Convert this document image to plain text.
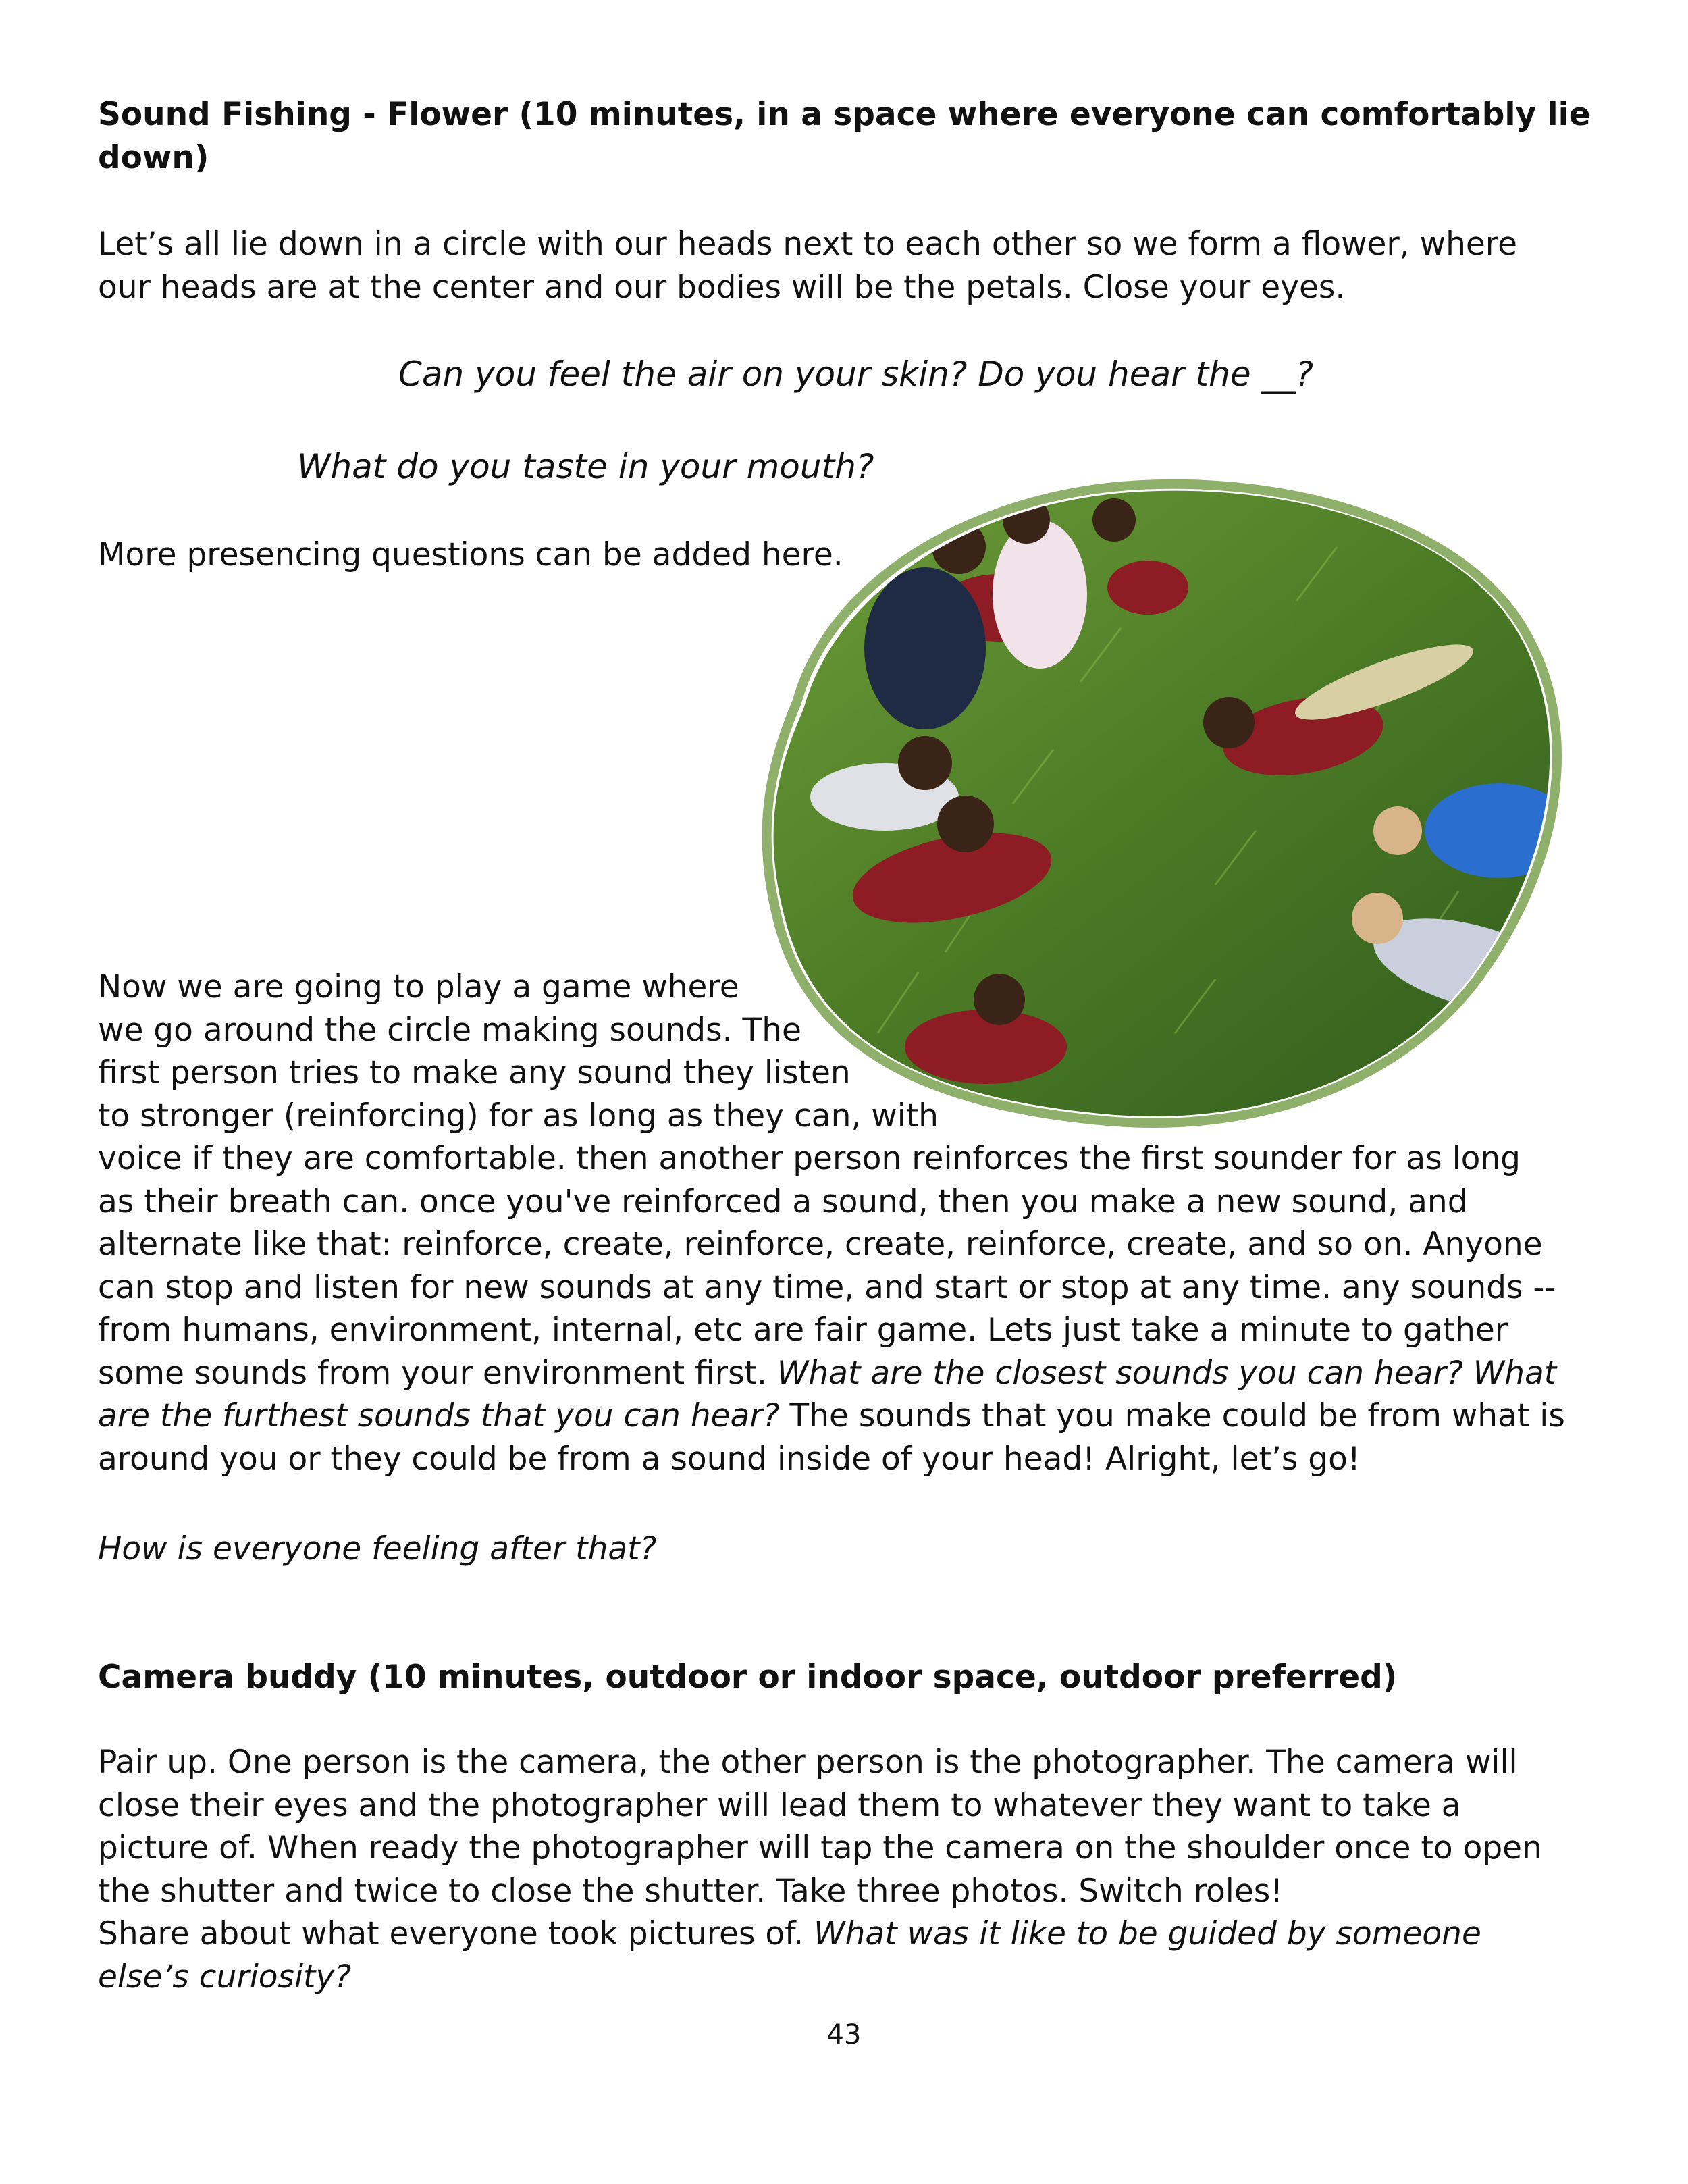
Sound Fishing - Flower (10 minutes, in a space where everyone can comfortably lie
down)
Let’s all lie down in a circle with our heads next to each other so we form a flower, where
our heads are at the center and our bodies will be the petals. Close your eyes.
Can you feel the air on your skin? Do you hear the __?
What do you taste in your mouth?
More presencing questions can be added here.
Now we are going to play a game where
we go around the circle making sounds. The
first person tries to make any sound they listen
to stronger (reinforcing) for as long as they can, with
voice if they are comfortable. then another person reinforces the first sounder for as long
as their breath can. once you've reinforced a sound, then you make a new sound, and
alternate like that: reinforce, create, reinforce, create, reinforce, create, and so on. Anyone
can stop and listen for new sounds at any time, and start or stop at any time. any sounds --
from humans, environment, internal, etc are fair game. Lets just take a minute to gather
some sounds from your environment first. What are the closest sounds you can hear? What
are the furthest sounds that you can hear? The sounds that you make could be from what is
around you or they could be from a sound inside of your head! Alright, let’s go!
How is everyone feeling after that?
Camera buddy (10 minutes, outdoor or indoor space, outdoor preferred)
Pair up. One person is the camera, the other person is the photographer. The camera will
close their eyes and the photographer will lead them to whatever they want to take a
picture of. When ready the photographer will tap the camera on the shoulder once to open
the shutter and twice to close the shutter. Take three photos. Switch roles!
Share about what everyone took pictures of. What was it like to be guided by someone
else’s curiosity?
43
